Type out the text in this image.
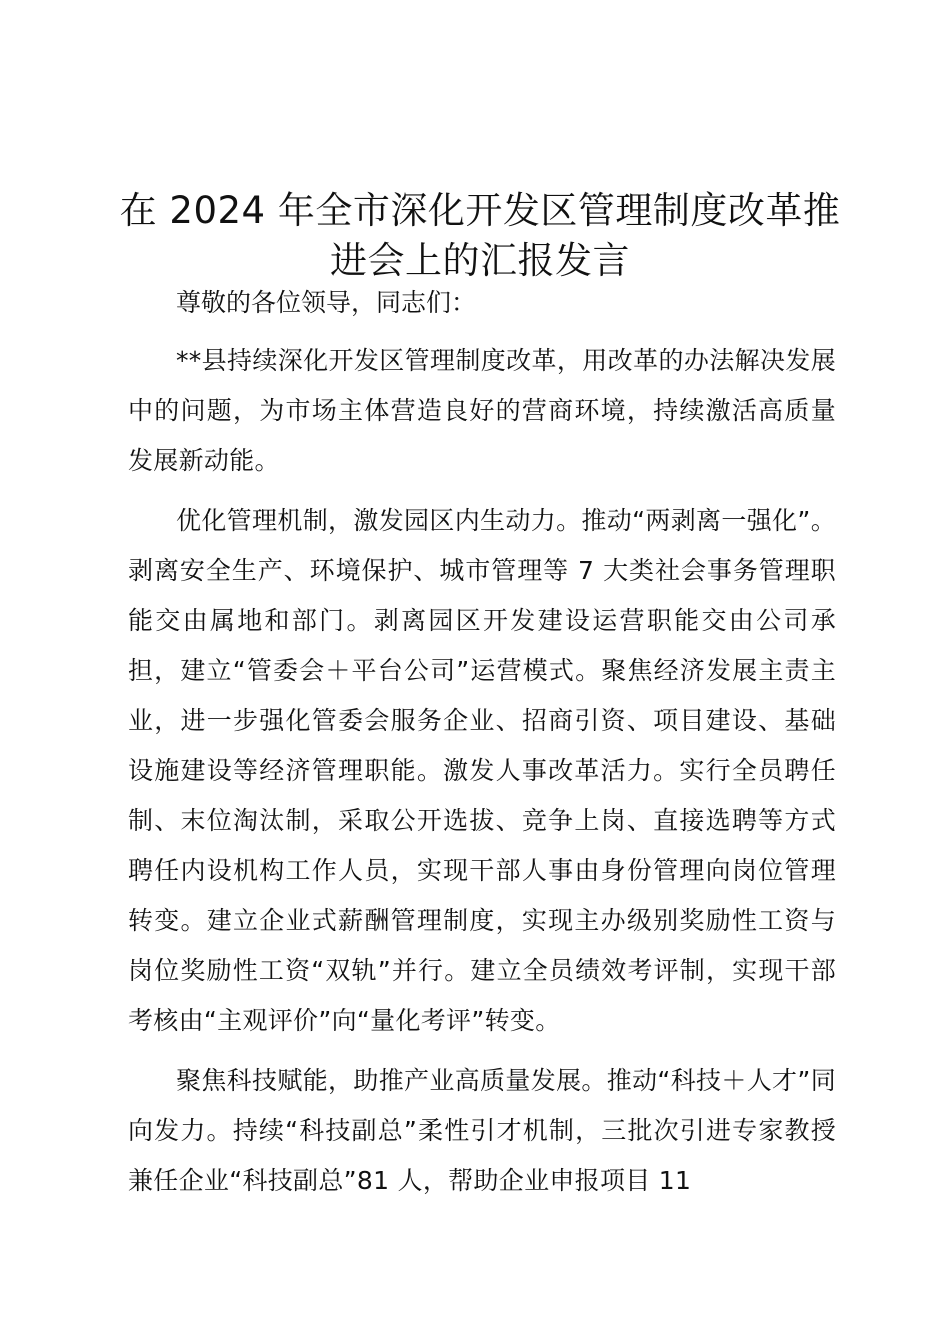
在 2024 年全市深化开发区管理制度改革推进会上的汇报发言

尊敬的各位领导，同志们：

**县持续深化开发区管理制度改革，用改革的办法解决发展中的问题，为市场主体营造良好的营商环境，持续激活高质量发展新动能。

优化管理机制，激发园区内生动力。推动“两剥离一强化”。剥离安全生产、环境保护、城市管理等 7 大类社会事务管理职能交由属地和部门。剥离园区开发建设运营职能交由公司承担，建立“管委会＋平台公司”运营模式。聚焦经济发展主责主业，进一步强化管委会服务企业、招商引资、项目建设、基础设施建设等经济管理职能。激发人事改革活力。实行全员聘任制、末位淘汰制，采取公开选拔、竞争上岗、直接选聘等方式聘任内设机构工作人员，实现干部人事由身份管理向岗位管理转变。建立企业式薪酬管理制度，实现主办级别奖励性工资与岗位奖励性工资“双轨”并行。建立全员绩效考评制，实现干部考核由“主观评价”向“量化考评”转变。

聚焦科技赋能，助推产业高质量发展。推动“科技＋人才”同向发力。持续“科技副总”柔性引才机制，三批次引进专家教授兼任企业“科技副总”81 人，帮助企业申报项目 11
